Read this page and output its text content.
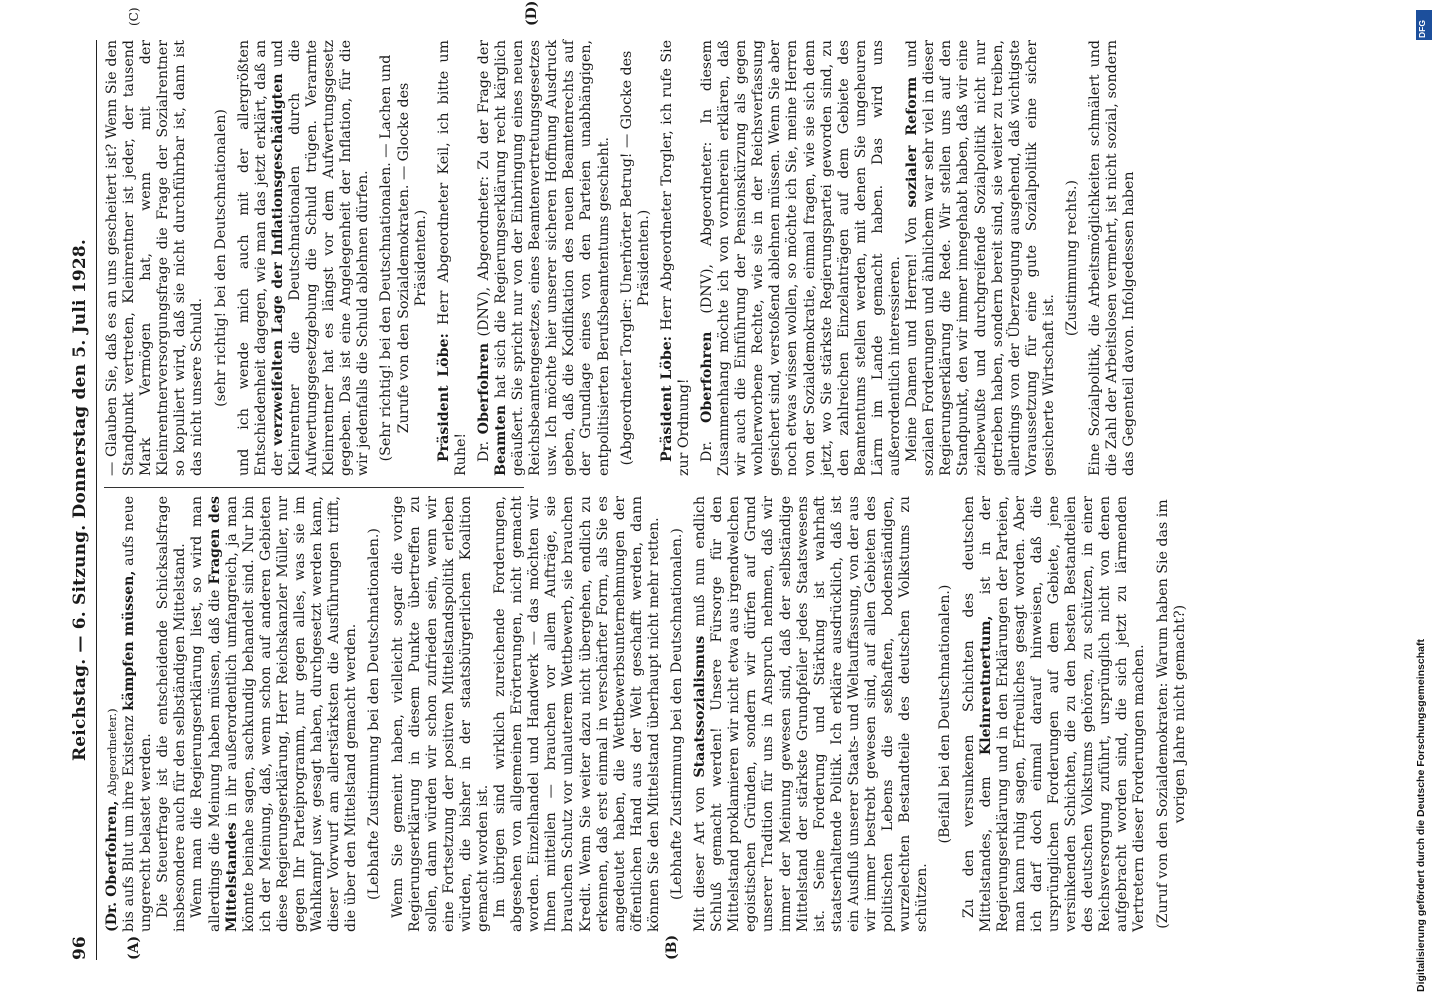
96
Reichstag. — 6. Sitzung. Donnerstag den 5. Juli 1928.
(A)	(B)
(C)	(D)

(Dr. Oberfohren, Abgeordneter.) bis aufs Blut um ihre Existenz kämpfen müssen, aufs neue ungerecht belastet werden. Die Steuerfrage ist die entscheidende Schicksalsfrage insbesondere auch für den selbständigen Mittelstand. Wenn man die Regierungserklärung liest, so wird man allerdings die Meinung haben müssen, daß die Fragen des Mittelstandes in ihr außerordentlich umfangreich, ja man könnte beinahe sagen, sachkundig behandelt sind. Nur bin ich der Meinung, daß, wenn schon auf anderen Gebieten diese Regierungserklärung, Herr Reichskanzler Müller, nur gegen Ihr Parteiprogramm, nur gegen alles, was sie im Wahlkampf usw. gesagt haben, durchgesetzt werden kann, dieser Vorwurf am allerstärksten die Ausführungen trifft, die über den Mittelstand gemacht werden. (Lebhafte Zustimmung bei den Deutschnationalen.) Wenn Sie gemeint haben, vielleicht sogar die vorige Regierungserklärung in diesem Punkte übertreffen zu sollen, dann würden wir schon zufrieden sein, wenn wir eine Fortsetzung der positiven Mittelstandspolitik erleben würden, die bisher in der staatsbürgerlichen Koalition gemacht worden ist. Im übrigen sind wirklich zureichende Forderungen, abgesehen von allgemeinen Erörterungen, nicht gemacht worden. Einzelhandel und Handwerk — das möchten wir Ihnen mitteilen — brauchen vor allem Aufträge, sie brauchen Schutz vor unlauterem Wettbewerb, sie brauchen Kredit. Wenn Sie weiter dazu nicht übergehen, endlich zu erkennen, daß erst einmal in verschärfter Form, als Sie es angedeutet haben, die Wettbewerbsunternehmungen der öffentlichen Hand aus der Welt geschafft werden, dann können Sie den Mittelstand überhaupt nicht mehr retten. (Lebhafte Zustimmung bei den Deutschnationalen.) Mit dieser Art von Staatssozialismus muß nun endlich Schluß gemacht werden! Unsere Fürsorge für den Mittelstand proklamieren wir nicht etwa aus irgendwelchen egoistischen Gründen, sondern wir dürfen auf Grund unserer Tradition für uns in Anspruch nehmen, daß wir immer der Meinung gewesen sind, daß der selbständige Mittelstand der stärkste Grundpfeiler jedes Staatswesens ist. Seine Forderung und Stärkung ist wahrhaft staatserhaltende Politik. Ich erkläre ausdrücklich, daß ist ein Ausfluß unserer Staats- und Weltauffassung, von der aus wir immer bestrebt gewesen sind, auf allen Gebieten des politischen Lebens die seßhaften, bodenständigen, wurzelechten Bestandteile des deutschen Volkstums zu schützen.

(Beifall bei den Deutschnationalen.) Zu den versunkenen Schichten des deutschen Mittelstandes, dem Kleinrentnertum, ist in der Regierungserklärung und in den Erklärungen der Parteien, man kann ruhig sagen, Erfreuliches gesagt worden. Aber ich darf doch einmal darauf hinweisen, daß die ursprünglichen Forderungen auf dem Gebiete, jene versinkenden Schichten, die zu den besten Bestandteilen des deutschen Volkstums gehören, zu schützen, in einer Reichsversorgung zuführt, ursprünglich nicht von denen aufgebracht worden sind, die sich jetzt zu lärmenden Vertretern dieser Forderungen machen. (Zuruf von den Sozialdemokraten: Warum haben Sie das im vorigen Jahre nicht gemacht?)

— Glauben Sie, daß es an uns gescheitert ist? Wenn Sie den Standpunkt vertreten, Kleinrentner ist jeder, der tausend Mark Vermögen hat, wenn mit der Kleinrentnerversorgungsfrage die Frage der Sozialrentner so kopuliert wird, daß sie nicht durchführbar ist, dann ist das nicht unsere Schuld. (sehr richtig! bei den Deutschnationalen) und ich wende mich auch mit der allergrößten Entschiedenheit dagegen, wie man das jetzt erklärt, daß an der verzweifelten Lage der Inflationsgeschädigten und Kleinrentner die Deutschnationalen durch die Aufwertungsgesetzgebung die Schuld trügen. Verarmte Kleinrentner hat es längst vor dem Aufwertungsgesetz gegeben. Das ist eine Angelegenheit der Inflation, für die wir jedenfalls die Schuld ablehnen dürfen. (Sehr richtig! bei den Deutschnationalen. — Lachen und Zurufe von den Sozialdemokraten. — Glocke des Präsidenten.)

Präsident Löbe: Herr Abgeordneter Keil, ich bitte um Ruhe! Dr. Oberfohren (DNV), Abgeordneter: Zu der Frage der Beamten hat sich die Regierungserklärung recht kärglich geäußert. Sie spricht nur von der Einbringung eines neuen Reichsbeamtengesetzes, eines Beamtenvertretungsgesetzes usw. Ich möchte hier unserer sicheren Hoffnung Ausdruck geben, daß die Kodifikation des neuen Beamtenrechts auf der Grundlage eines von den Parteien unabhängigen, entpolitisierten Berufsbeamtentums geschieht. (Abgeordneter Torgler: Unerhörter Betrug! — Glocke des Präsidenten.)

Präsident Löbe: Herr Abgeordneter Torgler, ich rufe Sie zur Ordnung! Dr. Oberfohren (DNV), Abgeordneter: In diesem Zusammenhang möchte ich von vornherein erklären, daß wir auch die Einführung der Pensionskürzung als gegen wohlerworbene Rechte, wie sie in der Reichsverfassung gesichert sind, verstoßend ablehnen müssen. Wenn Sie aber noch etwas wissen wollen, so möchte ich Sie, meine Herren von der Sozialdemokratie, einmal fragen, wie sie sich denn jetzt, wo Sie stärkste Regierungspartei geworden sind, zu den zahlreichen Einzelanträgen auf dem Gebiete des Beamtentums stellen werden, mit denen Sie ungeheuren Lärm im Lande gemacht haben. Das wird uns außerordentlich interessieren. Meine Damen und Herren! Von sozialer Reform und sozialen Forderungen und ähnlichem war sehr viel in dieser Regierungserklärung die Rede. Wir stellen uns auf den Standpunkt, den wir immer innegehabt haben, daß wir eine zielbewußte und durchgreifende Sozialpolitik nicht nur getrieben haben, sondern bereit sind, sie weiter zu treiben, allerdings von der Überzeugung ausgehend, daß wichtigste Voraussetzung für eine gute Sozialpolitik eine sicher gesicherte Wirtschaft ist.

(Zustimmung rechts.) Eine Sozialpolitik, die Arbeitsmöglichkeiten schmälert und die Zahl der Arbeitslosen vermehrt, ist nicht sozial, sondern das Gegenteil davon. Infolgedessen haben

DFG
Digitalisierung gefördert durch die Deutsche Forschungsgemeinschaft
